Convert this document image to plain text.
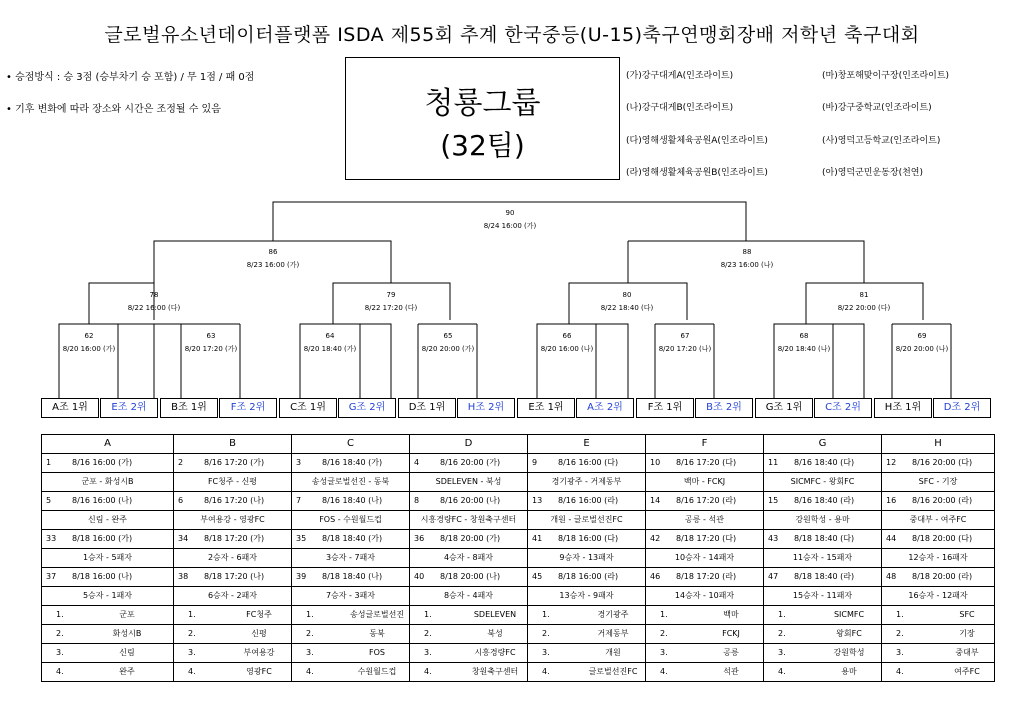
글로벌유소년데이터플랫폼 ISDA 제55회 추계 한국중등(U-15)축구연맹회장배 저학년 축구대회
• 승점방식 : 승 3점 (승부차기 승 포함) / 무 1점 / 패 0점
• 기후 변화에 따라 장소와 시간은 조정될 수 있음	청룡그룹
(32팀)
(가)강구대게A(인조라이트)
(나)강구대게B(인조라이트)
(다)영해생활체육공원A(인조라이트)
(라)영해생활체육공원B(인조라이트)
(마)창포해맞이구장(인조라이트)
(바)강구중학교(인조라이트)
(사)영덕고등학교(인조라이트)
(아)영덕군민운동장(천연)
90
8/24 16:00 (가)
86
8/23 16:00 (가)
88
8/23 16:00 (나)
78
8/22 16:00 (다)
79
8/22 17:20 (다)
80
8/22 18:40 (다)
81
8/22 20:00 (다)
62
8/20 16:00 (가)
63
8/20 17:20 (가)
64
8/20 18:40 (가)
65
8/20 20:00 (가)
66
8/20 16:00 (나)
67
8/20 17:20 (나)
68
8/20 18:40 (나)
69
8/20 20:00 (나)
A조 1위	E조 2위	B조 1위	F조 2위	C조 1위	G조 2위	D조 1위	H조 2위	E조 1위	A조 2위	F조 1위	B조 2위	G조 1위	C조 2위	H조 1위	D조 2위
A	B	C	D	E	F	G	H

1 8/16 16:00 (가)	2 8/16 17:20 (가)	3 8/16 18:40 (가)	4 8/16 20:00 (가)	9 8/16 16:00 (다)	10 8/16 17:20 (다)	11 8/16 18:40 (다)	12 8/16 20:00 (다)

군포 - 화성시B	FC청주 - 신평	송성글로벌선진 - 동북	SDELEVEN - 북성	경기광주 - 거제동부	백마 - FCKJ	SICMFC - 왕회FC	SFC - 기장

5 8/16 16:00 (나)	6 8/16 17:20 (나)	7 8/16 18:40 (나)	8 8/16 20:00 (나)	13 8/16 16:00 (라)	14 8/16 17:20 (라)	15 8/16 18:40 (라)	16 8/16 20:00 (라)

신림 - 완주	부여용강 - 영광FC	FOS - 수원월드컵	시흥경량FC - 창원축구센터	개원 - 글로벌선진FC	공릉 - 석관	강원학성 - 용마	중대부 - 여주FC

33 8/18 16:00 (가)	34 8/18 17:20 (가)	35 8/18 18:40 (가)	36 8/18 20:00 (가)	41 8/18 16:00 (다)	42 8/18 17:20 (다)	43 8/18 18:40 (다)	44 8/18 20:00 (다)

1승자 - 5패자	2승자 - 6패자	3승자 - 7패자	4승자 - 8패자	9승자 - 13패자	10승자 - 14패자	11승자 - 15패자	12승자 - 16패자

37 8/18 16:00 (나)	38 8/18 17:20 (나)	39 8/18 18:40 (나)	40 8/18 20:00 (나)	45 8/18 16:00 (라)	46 8/18 17:20 (라)	47 8/18 18:40 (라)	48 8/18 20:00 (라)

5승자 - 1패자	6승자 - 2패자	7승자 - 3패자	8승자 - 4패자	13승자 - 9패자	14승자 - 10패자	15승자 - 11패자	16승자 - 12패자

1. 군포	1. FC청주	1. 송성글로벌선진	1. SDELEVEN	1. 경기광주	1. 백마	1. SICMFC	1. SFC

2. 화성시B	2. 신평	2. 동북	2. 북성	2. 거제동부	2. FCKJ	2. 왕회FC	2. 기장

3. 신림	3. 부여용강	3. FOS	3. 시흥경량FC	3. 개원	3. 공릉	3. 강원학성	3. 중대부

4. 완주	4. 영광FC	4. 수원월드컵	4. 창원축구센터	4. 글로벌선진FC	4. 석관	4. 용마	4. 여주FC
